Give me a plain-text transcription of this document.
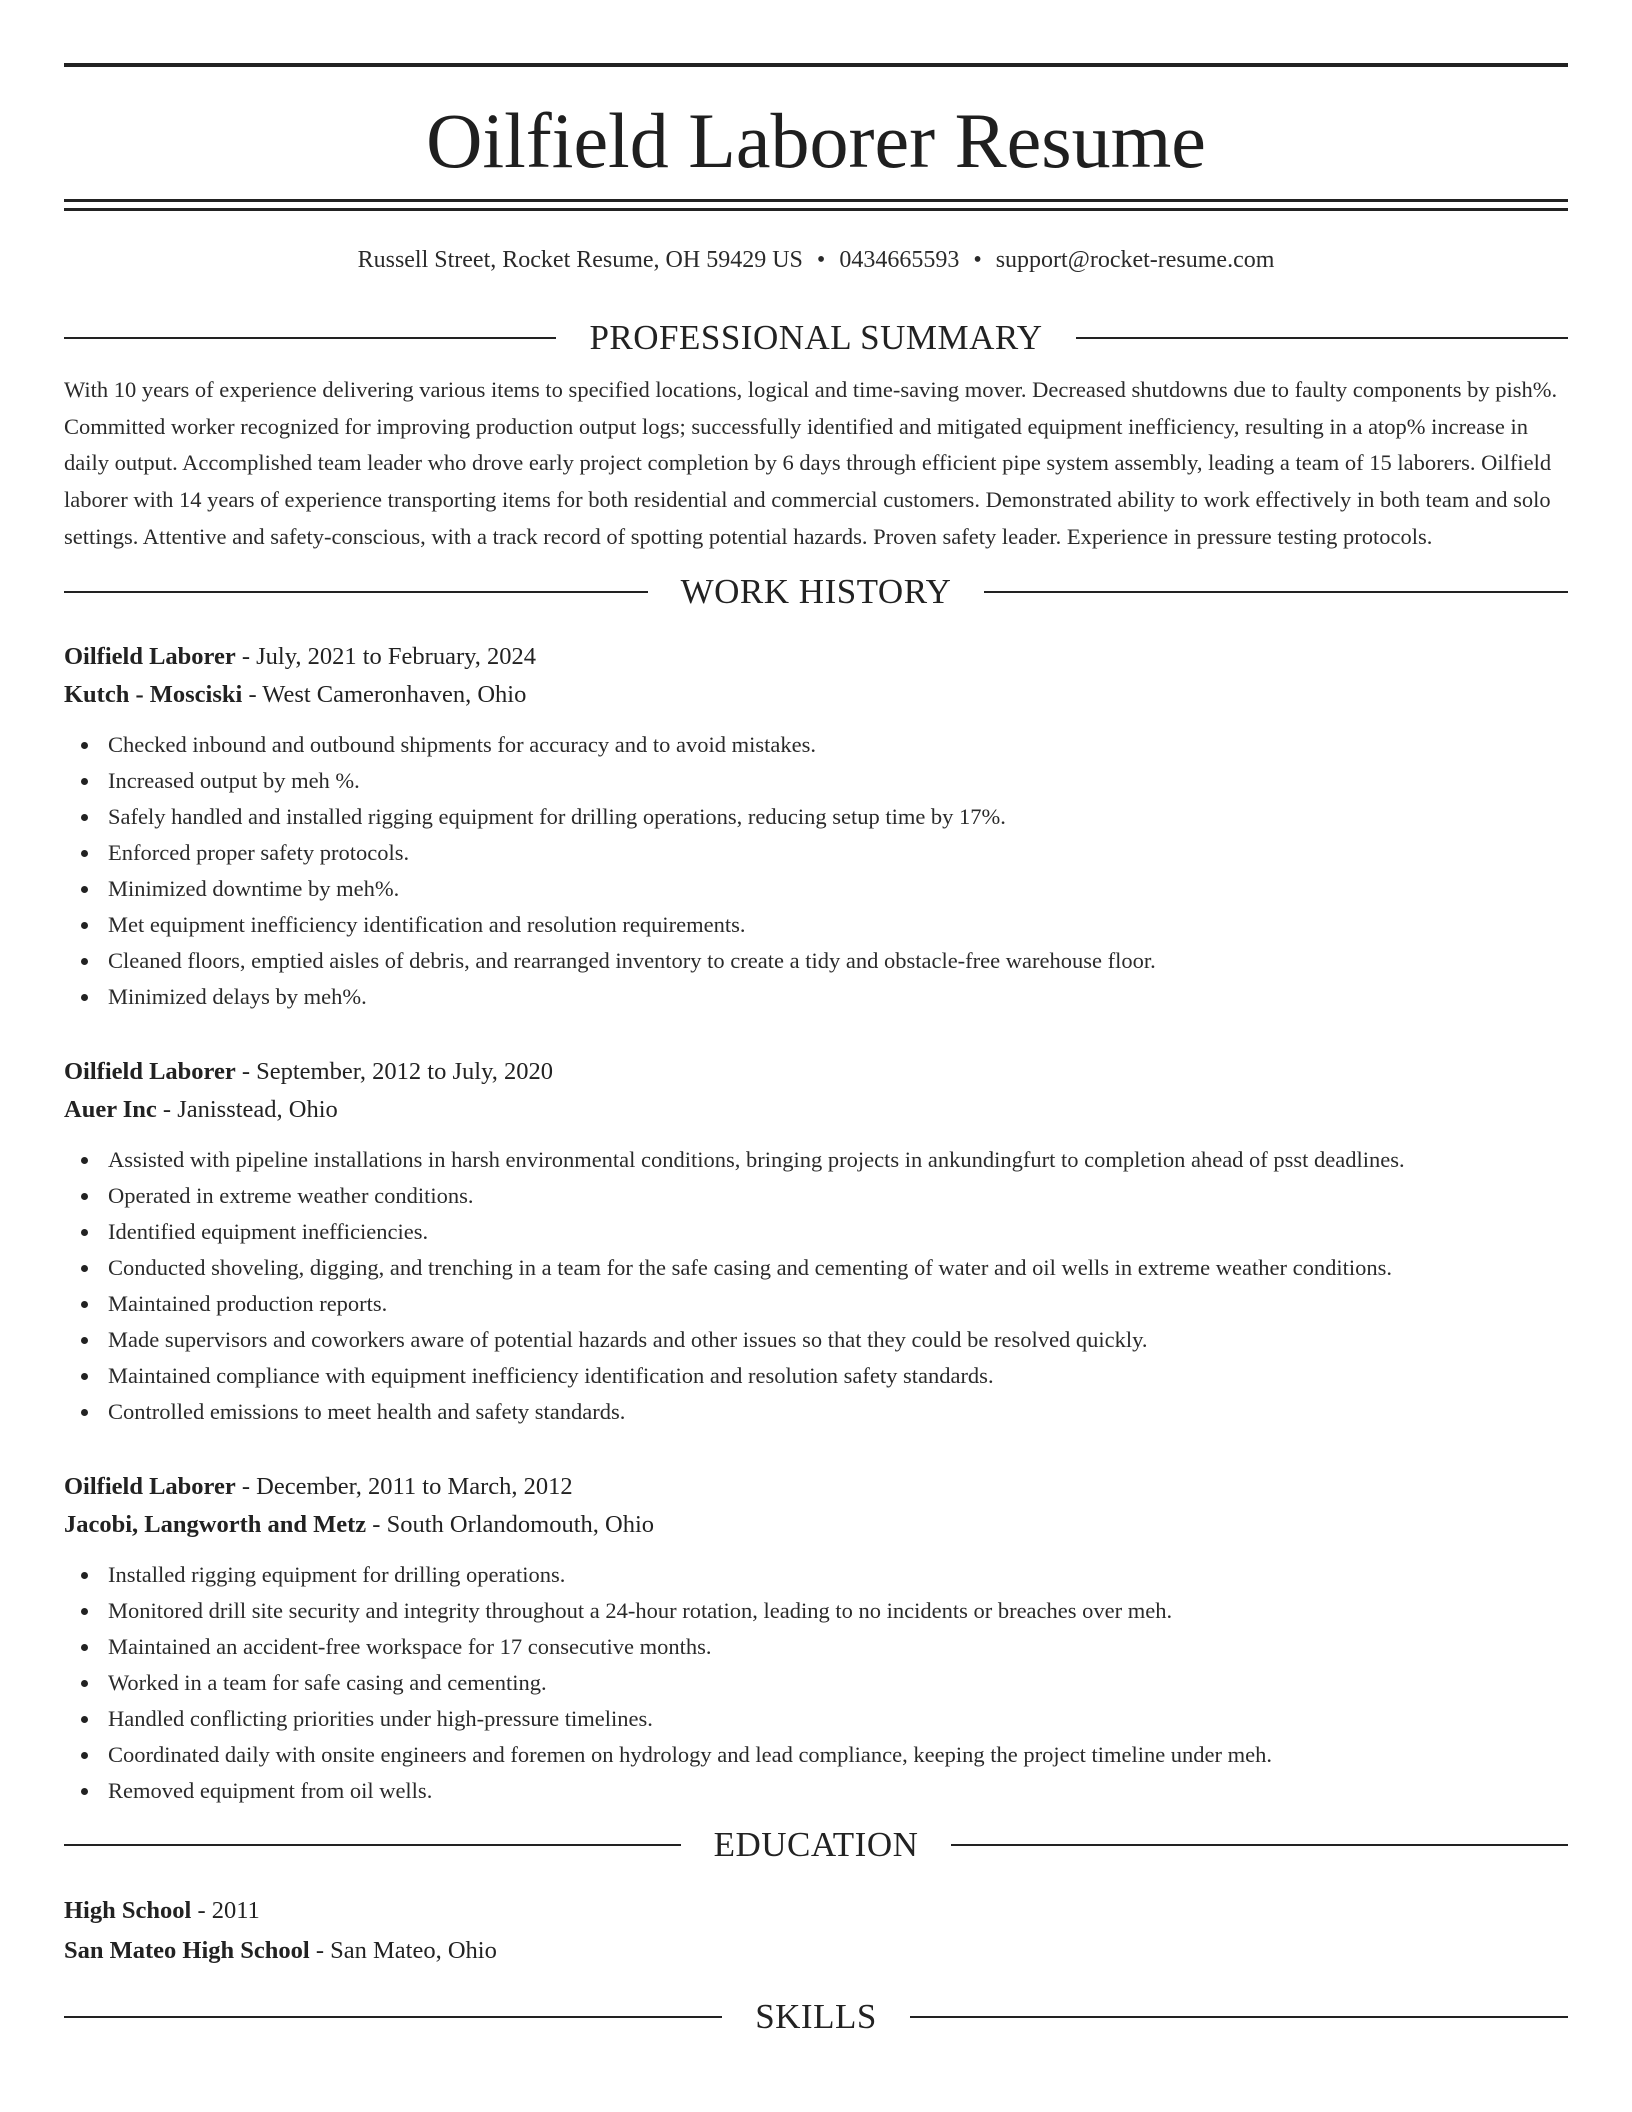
Oilfield Laborer Resume
Russell Street, Rocket Resume, OH 59429 US • 0434665593 • support@rocket-resume.com
PROFESSIONAL SUMMARY
With 10 years of experience delivering various items to specified locations, logical and time-saving mover. Decreased shutdowns due to faulty components by pish%. Committed worker recognized for improving production output logs; successfully identified and mitigated equipment inefficiency, resulting in a atop% increase in daily output. Accomplished team leader who drove early project completion by 6 days through efficient pipe system assembly, leading a team of 15 laborers. Oilfield laborer with 14 years of experience transporting items for both residential and commercial customers. Demonstrated ability to work effectively in both team and solo settings. Attentive and safety-conscious, with a track record of spotting potential hazards. Proven safety leader. Experience in pressure testing protocols.
WORK HISTORY
Oilfield Laborer - July, 2021 to February, 2024
Kutch - Mosciski - West Cameronhaven, Ohio
Checked inbound and outbound shipments for accuracy and to avoid mistakes.
Increased output by meh %.
Safely handled and installed rigging equipment for drilling operations, reducing setup time by 17%.
Enforced proper safety protocols.
Minimized downtime by meh%.
Met equipment inefficiency identification and resolution requirements.
Cleaned floors, emptied aisles of debris, and rearranged inventory to create a tidy and obstacle-free warehouse floor.
Minimized delays by meh%.
Oilfield Laborer - September, 2012 to July, 2020
Auer Inc - Janisstead, Ohio
Assisted with pipeline installations in harsh environmental conditions, bringing projects in ankundingfurt to completion ahead of psst deadlines.
Operated in extreme weather conditions.
Identified equipment inefficiencies.
Conducted shoveling, digging, and trenching in a team for the safe casing and cementing of water and oil wells in extreme weather conditions.
Maintained production reports.
Made supervisors and coworkers aware of potential hazards and other issues so that they could be resolved quickly.
Maintained compliance with equipment inefficiency identification and resolution safety standards.
Controlled emissions to meet health and safety standards.
Oilfield Laborer - December, 2011 to March, 2012
Jacobi, Langworth and Metz - South Orlandomouth, Ohio
Installed rigging equipment for drilling operations.
Monitored drill site security and integrity throughout a 24-hour rotation, leading to no incidents or breaches over meh.
Maintained an accident-free workspace for 17 consecutive months.
Worked in a team for safe casing and cementing.
Handled conflicting priorities under high-pressure timelines.
Coordinated daily with onsite engineers and foremen on hydrology and lead compliance, keeping the project timeline under meh.
Removed equipment from oil wells.
EDUCATION
High School - 2011
San Mateo High School - San Mateo, Ohio
SKILLS
